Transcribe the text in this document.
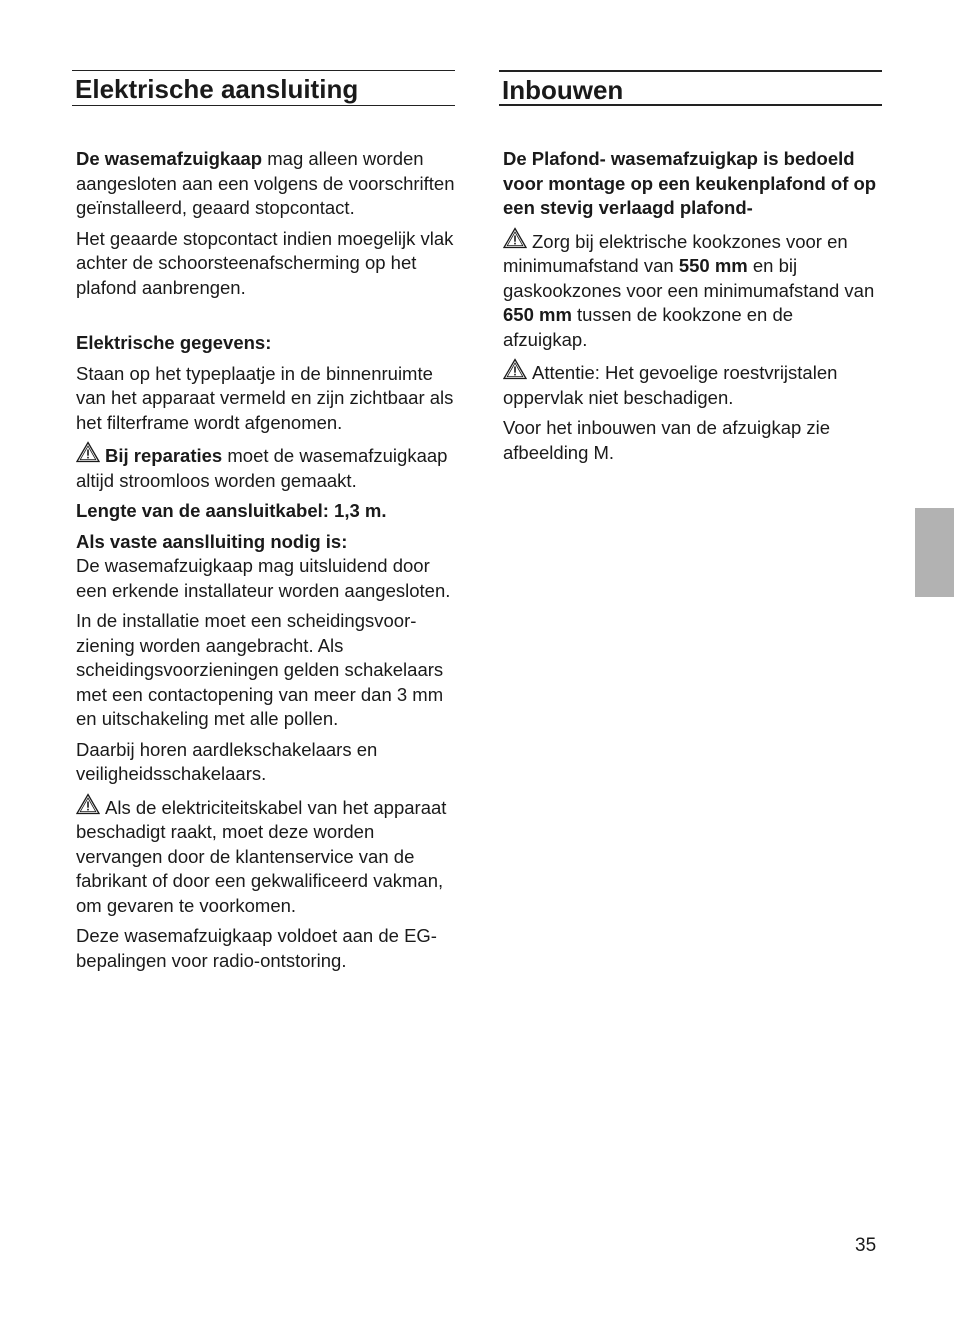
Elektrische aansluiting

De wasemafzuigkaap mag alleen worden aangesloten aan een volgens de voorschriften geïnstalleerd, geaard stopcontact.

Het geaarde stopcontact indien moegelijk vlak achter de schoorsteenafscherming op het plafond aanbrengen.

Elektrische gegevens:

Staan op het typeplaatje in de binnenruimte van het apparaat vermeld en zijn zichtbaar als het filterframe wordt afgenomen.

Bij reparaties moet de wasemafzuigkaap altijd stroomloos worden gemaakt.

Lengte van de aansluitkabel: 1,3 m.

Als vaste aanslluiting nodig is:
De wasemafzuigkaap mag uitsluidend door een erkende installateur worden aangesloten.

In de installatie moet een scheidingsvoor-ziening worden aangebracht. Als scheidingsvoorzieningen gelden schakelaars met een contactopening van meer dan 3 mm en uitschakeling met alle pollen.

Daarbij horen aardlekschakelaars en veiligheidsschakelaars.

Als de elektriciteitskabel van het apparaat beschadigt raakt, moet deze worden vervangen door de klantenservice van de fabrikant of door een gekwalificeerd vakman, om gevaren te voorkomen.

Deze wasemafzuigkaap voldoet aan de EG-bepalingen voor radio-ontstoring.

Inbouwen

De Plafond- wasemafzuigkap is bedoeld voor montage op een keukenplafond of op een stevig verlaagd plafond-

Zorg bij elektrische kookzones voor en minimumafstand van 550 mm en bij gaskookzones voor een minimumafstand van 650 mm tussen de kookzone en de afzuigkap.

Attentie: Het gevoelige roestvrijstalen oppervlak niet beschadigen.

Voor het inbouwen van de afzuigkap zie afbeelding M.

35
